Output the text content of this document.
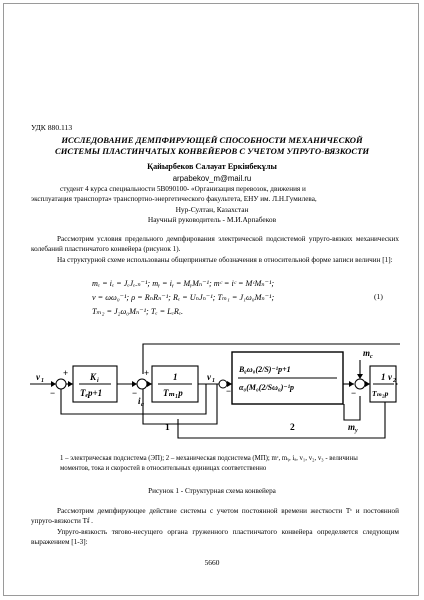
УДК 880.113
ИССЛЕДОВАНИЕ ДЕМПФИРУЮЩЕЙ СПОСОБНОСТИ МЕХАНИЧЕСКОЙ
СИСТЕМЫ ПЛАСТИНЧАТЫХ КОНВЕЙЕРОВ С УЧЕТОМ УПРУГО-ВЯЗКОСТИ
Қайырбеков Салауат Еркінбекұлы
arpabekov_m@mail.ru
студент 4 курса специальности 5В090100- «Организация перевозок, движения и
эксплуатация транспорта» транспортно-энергетического факультета, ЕНУ им. Л.Н.Гумилева,
Нур-Султан, Казахстан
Научный руководитель - М.И.Арпабеков
Рассмотрим условия предельного демпфирования электрической подсистемой упруго-вязких механических колебаний пластинчатого конвейера (рисунок 1).
На структурной схеме использованы общепринятые обозначения в относительной форме записи величин [1]:
mₑ = iₑ = JₑJₑ.ₙ⁻¹; mᵧ = iᵧ = MᵧMₙ⁻¹; mᶜ = iᶜ = MᶜMₙ⁻¹;
ν = ωω₀⁻¹; ρ = RₙRₙ⁻¹; Rₑ = UₙJₙ⁻¹; Tₘ₁ = J₁ω₀Mₙ⁻¹;
Tₘ₂ = J₂ω₀Mₙ⁻¹; Tₑ = LₑRₑ.
(1)
K i
Tₑp+1
1
Tₘ₁p
Bᵨω₀(2/S)⁻¹p+1
α₀(M₀(2/Sω₀)⁻¹p
1
Tₘ₂p
v 1	v 1	v 2
i а
m c
m у
−	−	−	−
+	+
1	2
1 – электрическая подсистема (ЭП); 2 – механическая подсистема (МП); mᶜ, mᵧ, iₐ, v₁, v₂, v₃ - величины моментов, тока и скоростей в относительных единицах соответственно
Рисунок 1 - Структурная схема конвейера
Рассмотрим демпфирующее действие системы с учетом постоянной времени жесткости Tᶜ и постоянной упруго-вязкости Tᵮ .
Упруго-вязкость тягово-несущего органа груженного пластинчатого конвейера определяется следующим выражением [1-3]:
5660
